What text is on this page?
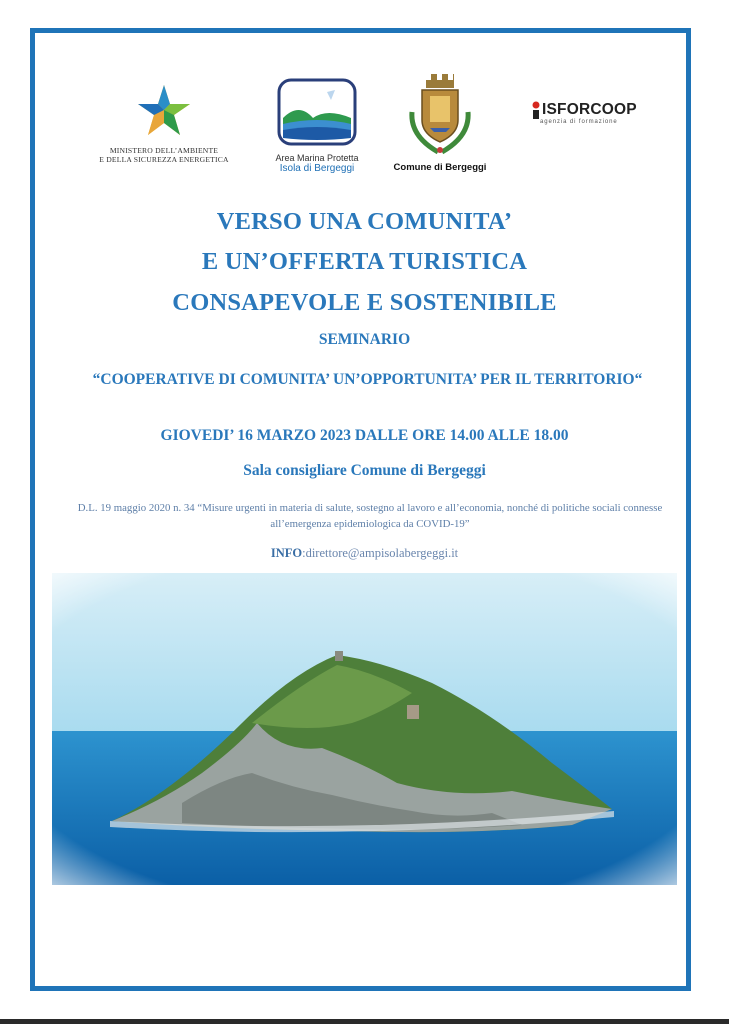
MINISTERO DELL’AMBIENTE
E DELLA SICUREZZA ENERGETICA	Area Marina Protetta
Isola di Bergeggi	Comune di Bergeggi
ISFORCOOP
agenzia di formazione
VERSO UNA COMUNITA’
E UN’OFFERTA TURISTICA
CONSAPEVOLE E SOSTENIBILE
SEMINARIO
“COOPERATIVE DI COMUNITA’ UN’OPPORTUNITA’ PER IL TERRITORIO“
GIOVEDI’ 16 MARZO 2023 DALLE ORE 14.00 ALLE 18.00
Sala consigliare Comune di Bergeggi
D.L. 19 maggio 2020 n. 34 “Misure urgenti in materia di salute, sostegno al lavoro e all’economia, nonché di politiche sociali connesse all’emergenza epidemiologica da COVID-19”
INFO:direttore@ampisolabergeggi.it
